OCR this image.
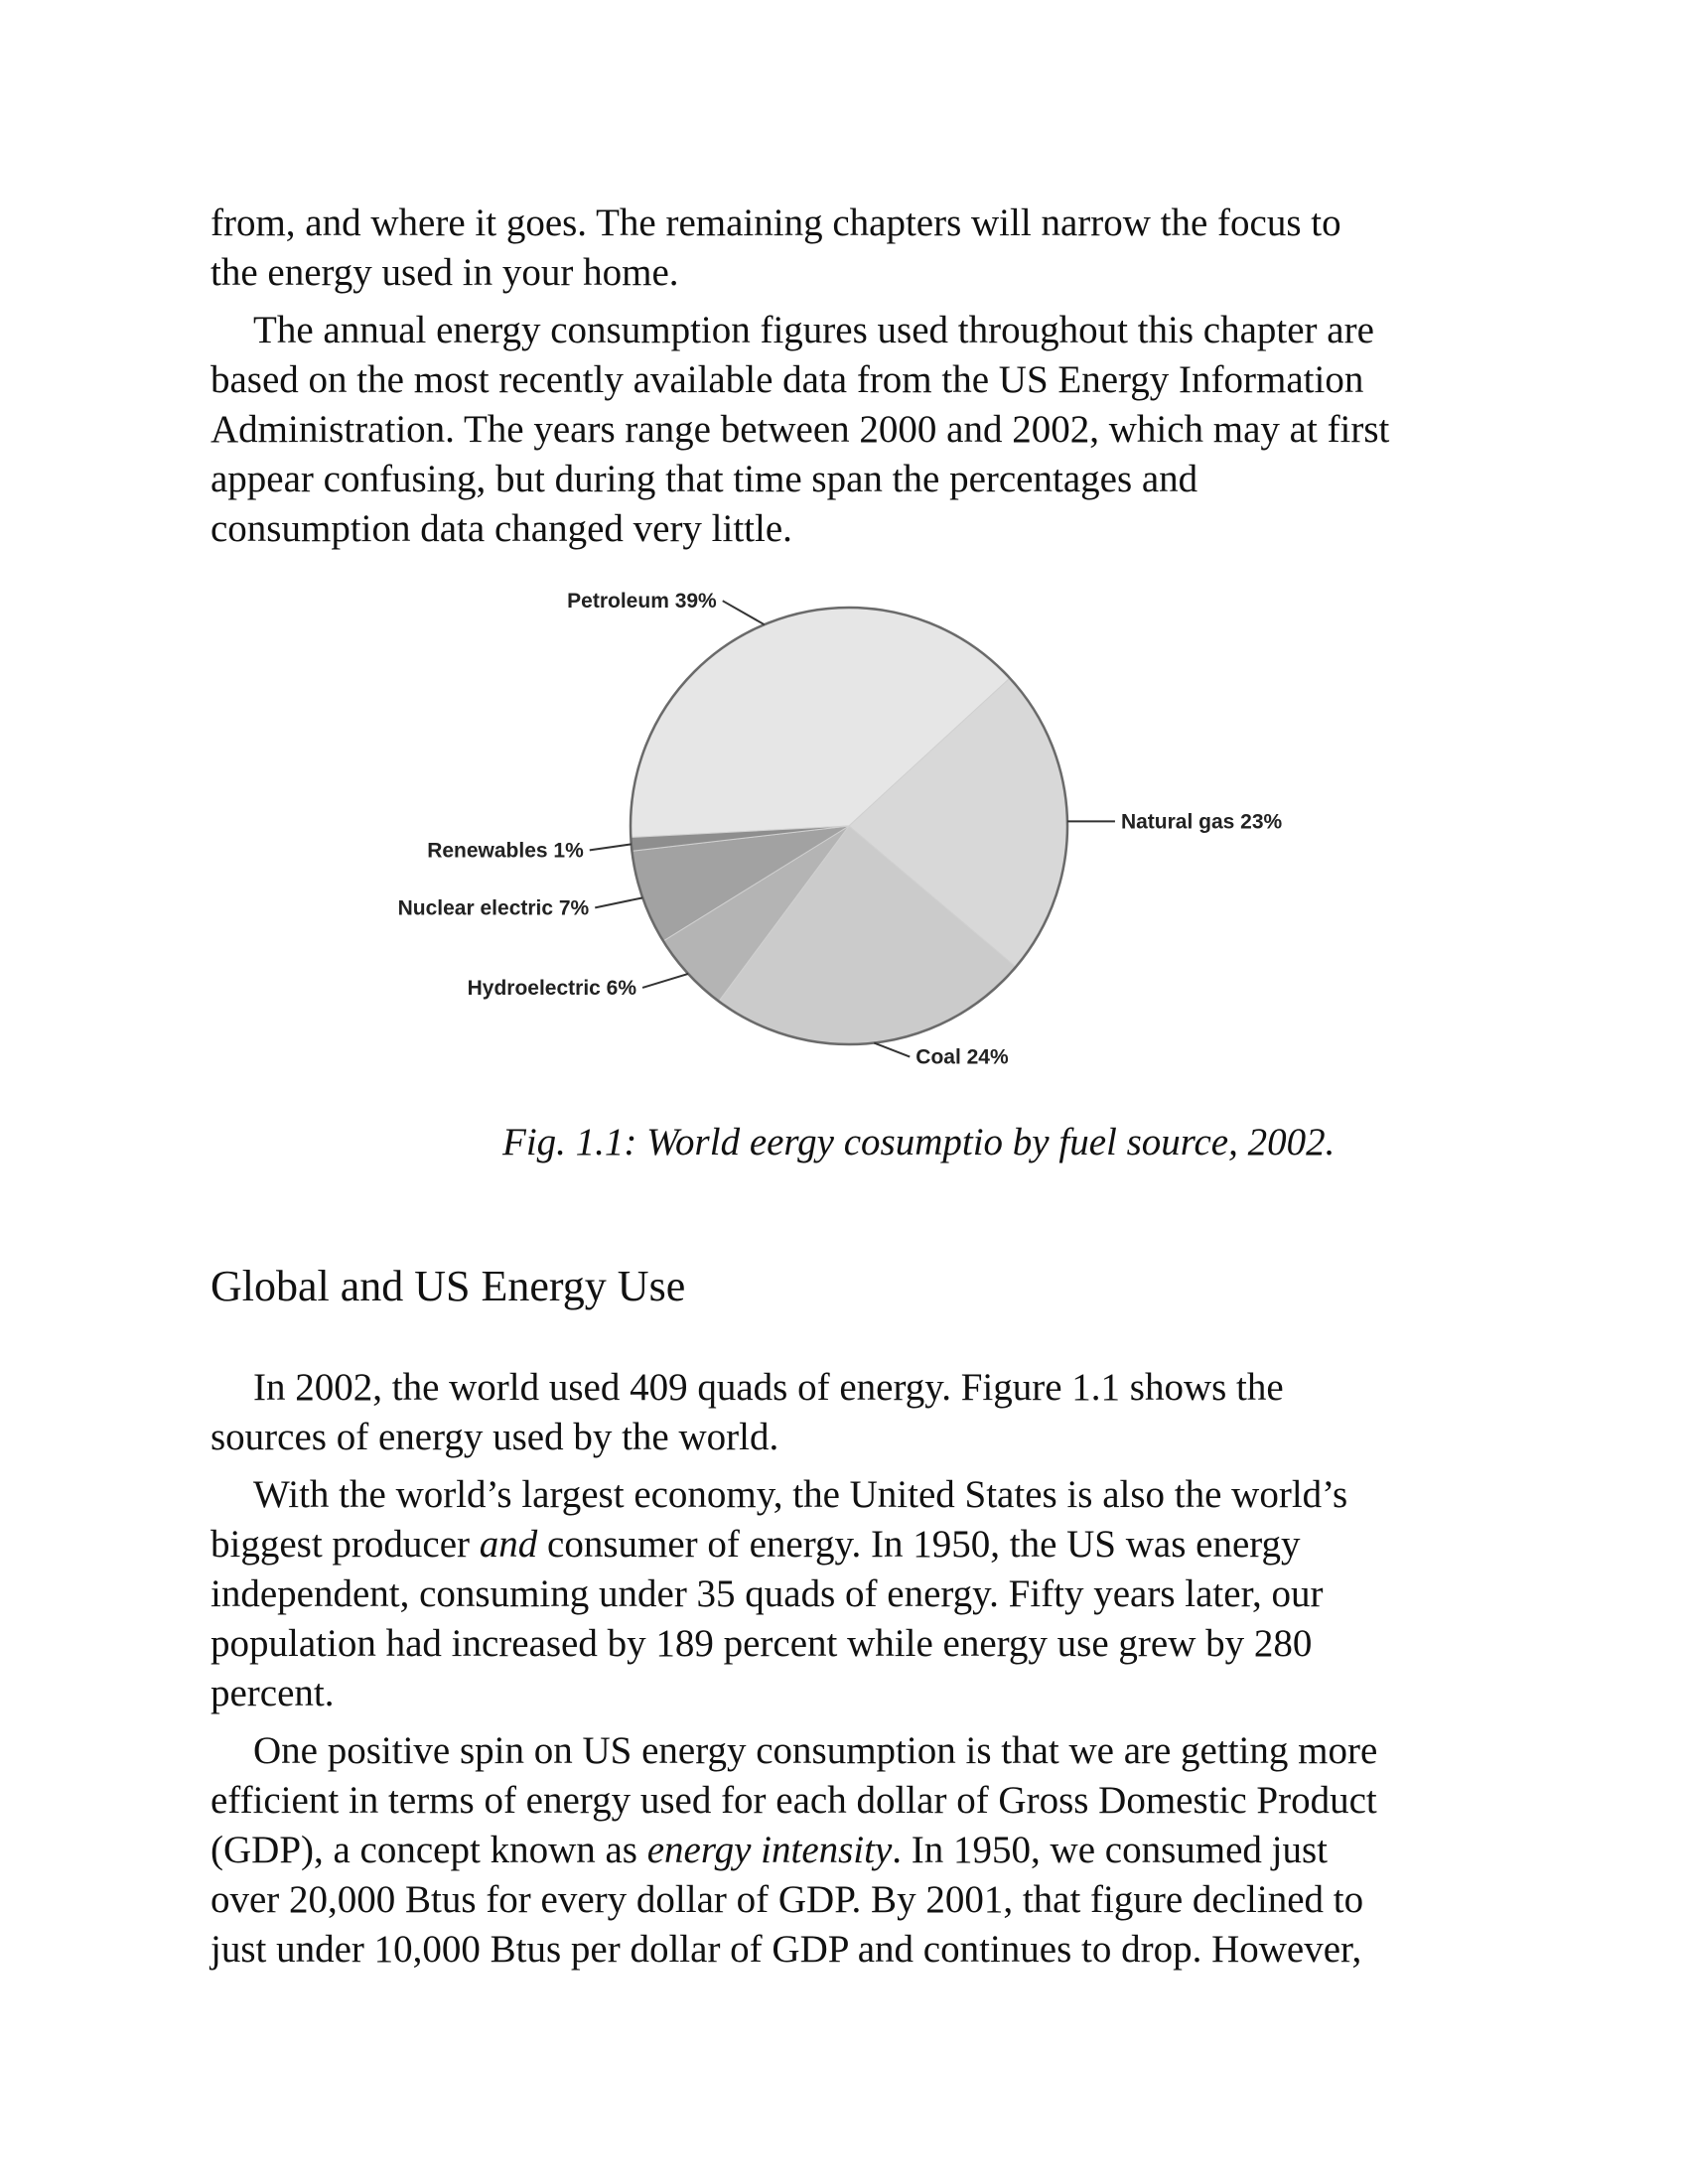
from, and where it goes. The remaining chapters will narrow the focus to
the energy used in your home.

The annual energy consumption figures used throughout this chapter are
based on the most recently available data from the US Energy Information
Administration. The years range between 2000 and 2002, which may at first
appear confusing, but during that time span the percentages and
consumption data changed very little.

Petroleum 39%
Natural gas 23%
Coal 24%
Hydroelectric 6%
Nuclear electric 7%
Renewables 1%

Fig. 1.1: World eergy cosumptio by fuel source, 2002.

Global and US Energy Use

In 2002, the world used 409 quads of energy. Figure 1.1 shows the
sources of energy used by the world.

With the world’s largest economy, the United States is also the world’s
biggest producer and consumer of energy. In 1950, the US was energy
independent, consuming under 35 quads of energy. Fifty years later, our
population had increased by 189 percent while energy use grew by 280
percent.

One positive spin on US energy consumption is that we are getting more
efficient in terms of energy used for each dollar of Gross Domestic Product
(GDP), a concept known as energy intensity. In 1950, we consumed just
over 20,000 Btus for every dollar of GDP. By 2001, that figure declined to
just under 10,000 Btus per dollar of GDP and continues to drop. However,
